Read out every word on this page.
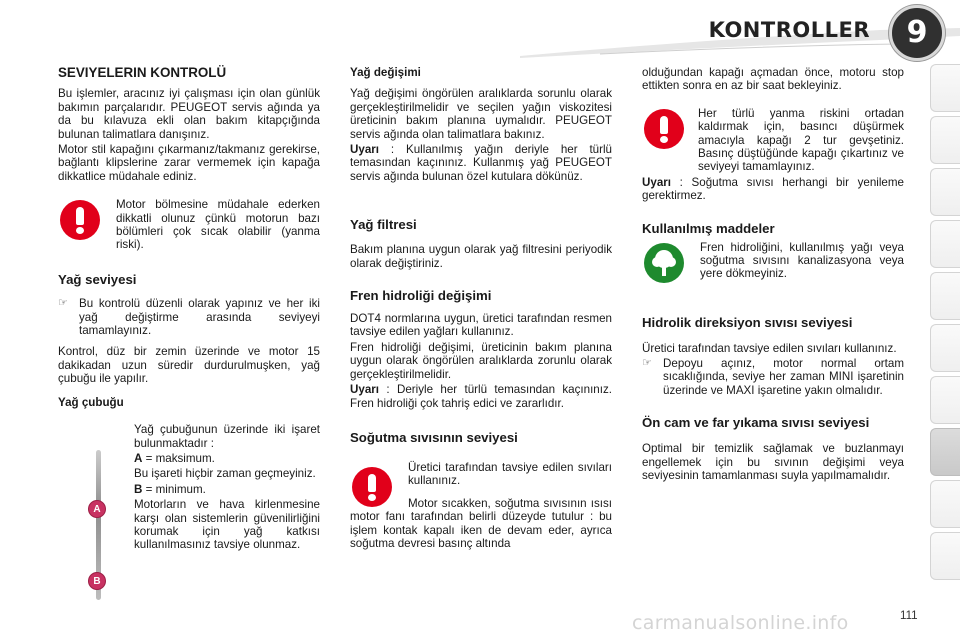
KONTROLLER	9
SEVIYELERIN KONTROLÜ
Bu işlemler, aracınız iyi çalışması için olan günlük bakımın parçalarıdır. PEUGEOT servis ağında ya da bu kılavuza ekli olan bakım kitapçığında bulunan talimatlara danışınız.
Motor stil kapağını çıkarmanız/takmanız gerekirse, bağlantı klipslerine zarar vermemek için kapağa dikkatlice müdahale ediniz.
Motor bölmesine müdahale ederken dikkatli olunuz çünkü motorun bazı bölümleri çok sıcak olabilir (yanma riski).
Yağ seviyesi
☞ Bu kontrolü düzenli olarak yapınız ve her iki yağ değiştirme arasında seviyeyi tamamlayınız.
Kontrol, düz bir zemin üzerinde ve motor 15 dakikadan uzun süredir durdurulmuşken, yağ çubuğu ile yapılır.
Yağ çubuğu
Yağ çubuğunun üzerinde iki işaret bulunmaktadır :
A = maksimum.
Bu işareti hiçbir zaman geçmeyiniz.
B = minimum.
Motorların ve hava kirlenmesine karşı olan sistemlerin güvenilirliğini korumak için yağ katkısı kullanılmasınız tavsiye olunmaz.
A
B
Yağ değişimi
Yağ değişimi öngörülen aralıklarda sorunlu olarak gerçekleştirilmelidir ve seçilen yağın viskozitesi üreticinin bakım planına uymalıdır. PEUGEOT servis ağında olan talimatlara bakınız.
Uyarı : Kullanılmış yağın deriyle her türlü temasından kaçınınız. Kullanmış yağ PEUGEOT servis ağında bulunan özel kutulara dökünüz.
Yağ filtresi
Bakım planına uygun olarak yağ filtresini periyodik olarak değiştiriniz.
Fren hidroliği değişimi
DOT4 normlarına uygun, üretici tarafından resmen tavsiye edilen yağları kullanınız.
Fren hidroliği değişimi, üreticinin bakım planına uygun olarak öngörülen aralıklarda zorunlu olarak gerçekleştirilmelidir.
Uyarı : Deriyle her türlü temasından kaçınınız. Fren hidroliği çok tahriş edici ve zararlıdır.
Soğutma sıvısının seviyesi
Üretici tarafından tavsiye edilen sıvıları kullanınız.
Motor sıcakken, soğutma sıvısının ısısı motor fanı tarafından belirli düzeyde tutulur : bu işlem kontak kapalı iken de devam eder, ayrıca soğutma devresi basınç altında
olduğundan kapağı açmadan önce, motoru stop ettikten sonra en az bir saat bekleyiniz.
Her türlü yanma riskini ortadan kaldırmak için, basıncı düşürmek amacıyla kapağı 2 tur gevşetiniz. Basınç düştüğünde kapağı çıkartınız ve seviyeyi tamamlayınız.
Uyarı : Soğutma sıvısı herhangi bir yenileme gerektirmez.
Kullanılmış maddeler
Fren hidroliğini, kullanılmış yağı veya soğutma sıvısını kanalizasyona veya yere dökmeyiniz.
Hidrolik direksiyon sıvısı seviyesi
Üretici tarafından tavsiye edilen sıvıları kullanınız.
☞ Depoyu açınız, motor normal ortam sıcaklığında, seviye her zaman MINI işaretinin üzerinde ve MAXI işaretine yakın olmalıdır.
Ön cam ve far yıkama sıvısı seviyesi
Optimal bir temizlik sağlamak ve buzlanmayı engellemek için bu sıvının değişimi veya seviyesinin tamamlanması suyla yapılmamalıdır.
carmanualsonline.info	111
